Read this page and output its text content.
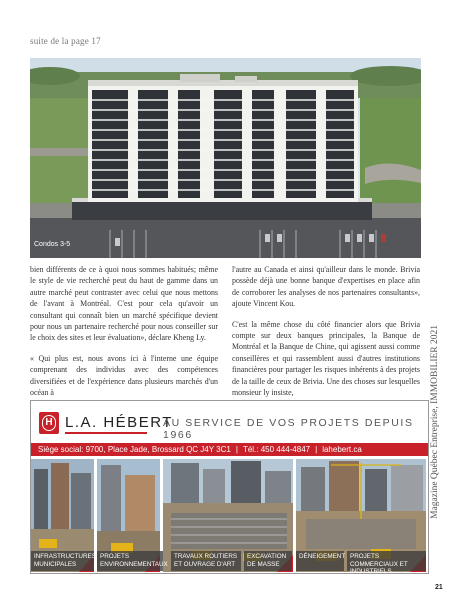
suite de la page 17
Condos 3-5

bien différents de ce à quoi nous sommes habitués; même le style de vie recherché peut du haut de gamme dans un autre marché peut contraster avec celui que nous mettons de l'avant à Montréal. C'est pour cela qu'avoir un consultant qui connaît bien un marché spécifique devient pour nous un partenaire recherché pour nous conseiller sur le choix des sites et leur évaluation», déclare Kheng Ly.

« Qui plus est, nous avons ici à l'interne une équipe comprenant des individus avec des compétences diversifiées et de l'expérience dans plusieurs marchés d'un océan à

l'autre au Canada et ainsi qu'ailleur dans le monde. Brivia possède déjà une bonne banque d'expertises en place afin de corroborer les analyses de nos partenaires consultants», ajoute Vincent Kou.

C'est la même chose du côté financier alors que Brivia compte sur deux banques principales, la Banque de Montréal et la Banque de Chine, qui agissent aussi comme conseillères et qui rassemblent aussi d'autres institutions financières pour partager les risques inhérents à des projets de la taille de ceux de Brivia. Une des choses sur lesquelles monsieur ly insiste,

H L.A. HÉBERT
AU SERVICE DE VOS PROJETS DEPUIS 1966
Siège social: 9700, Place Jade, Brossard QC J4Y 3C1 | Tél.: 450 444-4847 | lahebert.ca
INFRASTRUCTURES MUNICIPALES
PROJETS ENVIRONNEMENTAUX
TRAVAUX ROUTIERS ET OUVRAGE D'ART
EXCAVATION DE MASSE
DÉNEIGEMENT PROJETS COMMERCIAUX ET INDUSTRIELS
Magazine Québec Entreprise, IMMOBILIER 2021
21
